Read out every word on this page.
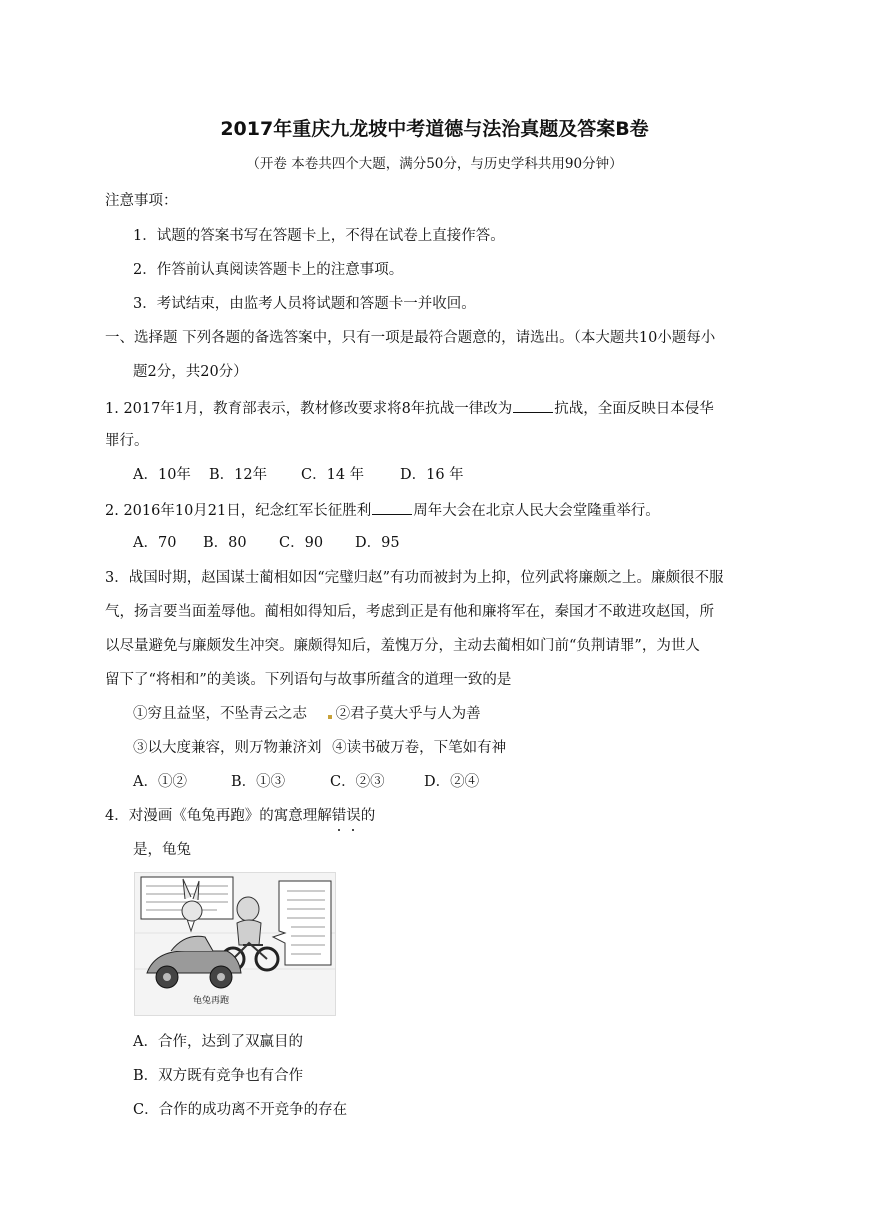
2017年重庆九龙坡中考道德与法治真题及答案B卷
（开卷 本卷共四个大题，满分50分，与历史学科共用90分钟）
注意事项：
1．试题的答案书写在答题卡上，不得在试卷上直接作答。
2．作答前认真阅读答题卡上的注意事项。
3．考试结束，由监考人员将试题和答题卡一并收回。
一、选择题 下列各题的备选答案中，只有一项是最符合题意的，请选出。（本大题共10小题每小
题2分，共20分）
1. 2017年1月，教育部表示，教材修改要求将8年抗战一律改为	抗战，全面反映日本侵华
罪行。
A．10年 B．12年 C．14 年 D．16 年
2. 2016年10月21日，纪念红军长征胜利	周年大会在北京人民大会堂隆重举行。
A．70 B．80 C．90 D．95
3．战国时期，赵国谋士蔺相如因“完璧归赵”有功而被封为上抑，位列武将廉颇之上。廉颇很不服
气，扬言要当面羞辱他。蔺相如得知后，考虑到正是有他和廉将军在，秦国才不敢进攻赵国，所
以尽量避免与廉颇发生冲突。廉颇得知后，羞愧万分，主动去蔺相如门前“负荆请罪”，为世人
留下了“将相和”的美谈。下列语句与故事所蕴含的道理一致的是
①穷且益坚，不坠青云之志 ②君子莫大乎与人为善
③以大度兼容，则万物兼济刘 ④读书破万卷，下笔如有神
A．①②	B．①③	C．②③	D．②④
4．对漫画《龟兔再跑》的寓意理解错误的
是，龟兔
龟兔再跑
A．合作，达到了双赢目的
B．双方既有竞争也有合作
C．合作的成功离不开竞争的存在
